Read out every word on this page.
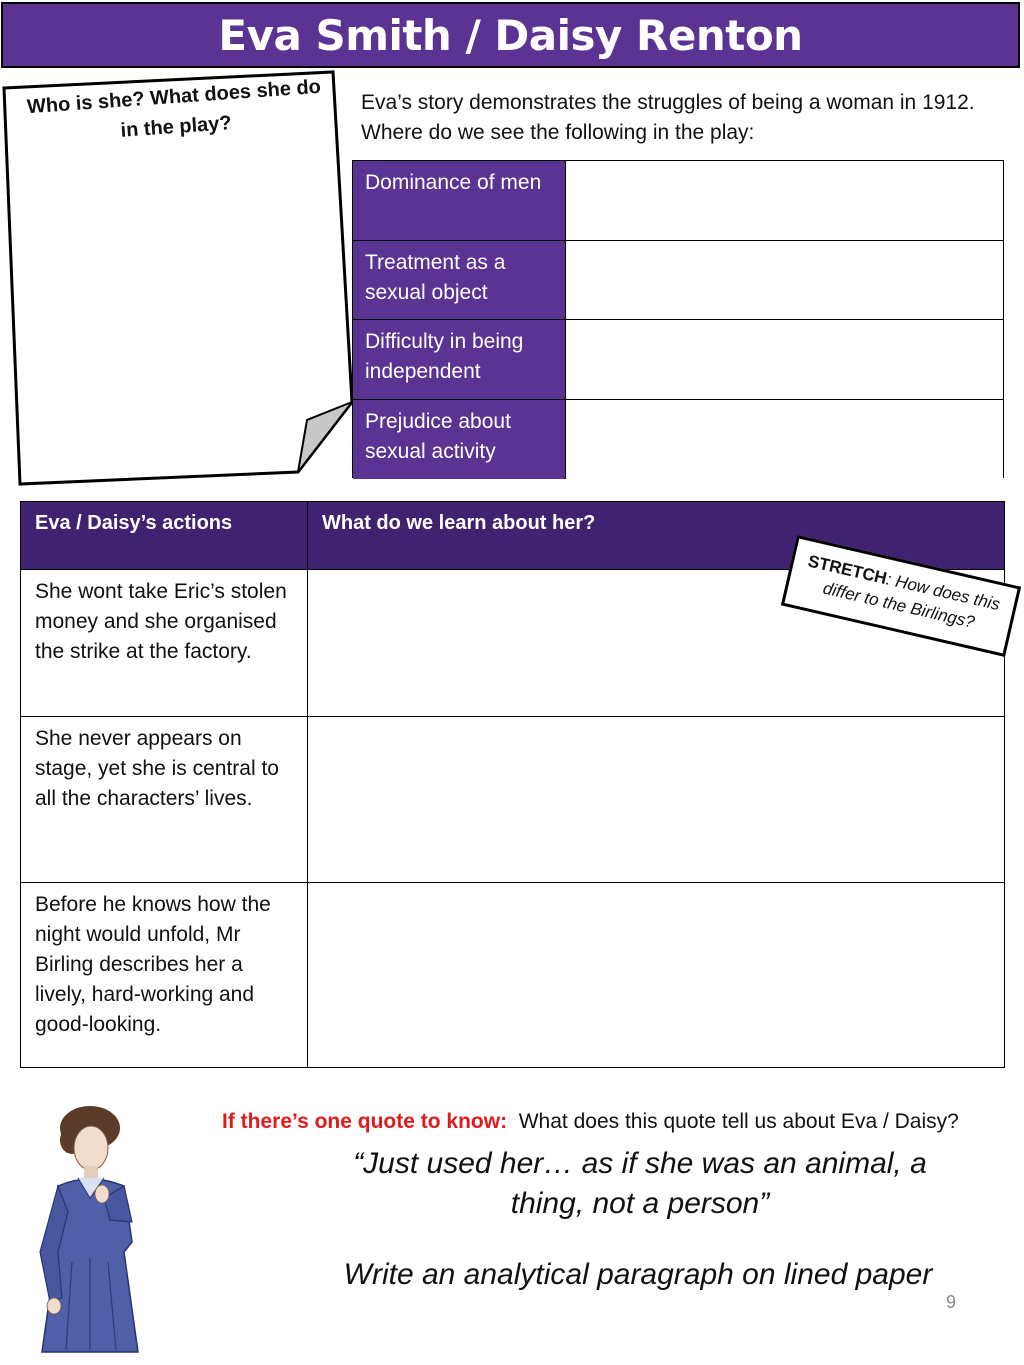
Eva Smith / Daisy Renton
Who is she? What does she do in the play?
Eva’s story demonstrates the struggles of being a woman in 1912. Where do we see the following in the play:
Dominance of men
Treatment as a sexual object
Difficulty in being independent
Prejudice about sexual activity
Eva / Daisy’s actions	What do we learn about her?
She wont take Eric’s stolen money and she organised the strike at the factory.
She never appears on stage, yet she is central to all the characters’ lives.
Before he knows how the night would unfold, Mr Birling describes her a lively, hard-working and good-looking.
STRETCH: How does this differ to the Birlings?
If there’s one quote to know: What does this quote tell us about Eva / Daisy?
“Just used her… as if she was an animal, a thing, not a person”
Write an analytical paragraph on lined paper
9
